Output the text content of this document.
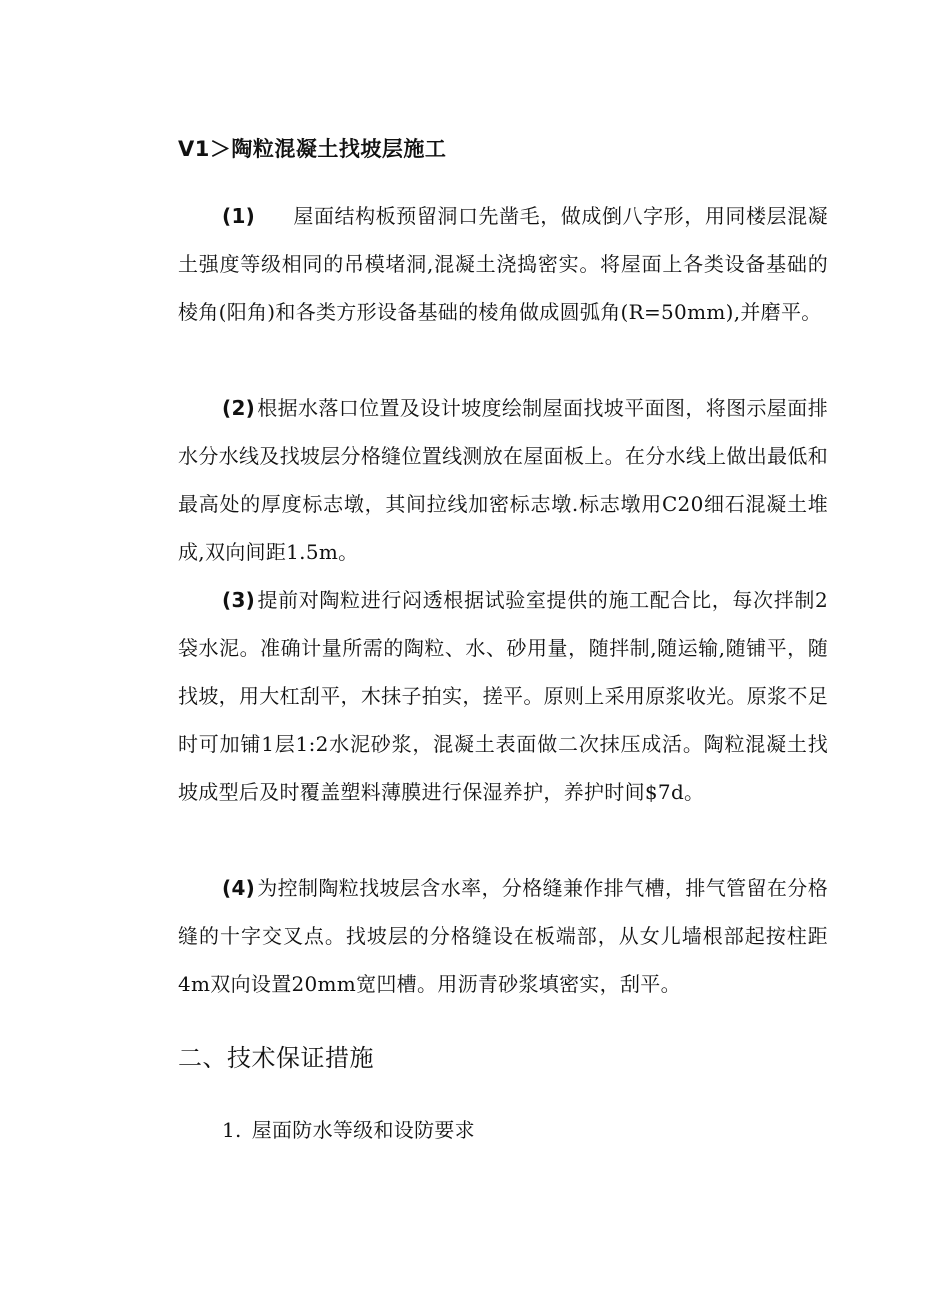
V1＞陶粒混凝土找坡层施工
(1) 屋面结构板预留洞口先凿毛，做成倒八字形，用同楼层混凝土强度等级相同的吊模堵洞,混凝土浇捣密实。将屋面上各类设备基础的棱角(阳角)和各类方形设备基础的棱角做成圆弧角(R=50mm),并磨平。
(2) 根据水落口位置及设计坡度绘制屋面找坡平面图，将图示屋面排水分水线及找坡层分格缝位置线测放在屋面板上。在分水线上做出最低和最高处的厚度标志墩，其间拉线加密标志墩.标志墩用C20细石混凝土堆成,双向间距1.5m。
(3) 提前对陶粒进行闷透根据试验室提供的施工配合比，每次拌制2袋水泥。准确计量所需的陶粒、水、砂用量，随拌制,随运输,随铺平，随找坡，用大杠刮平，木抹子拍实，搓平。原则上采用原浆收光。原浆不足时可加铺1层1:2水泥砂浆，混凝土表面做二次抹压成活。陶粒混凝土找坡成型后及时覆盖塑料薄膜进行保湿养护，养护时间$7d。
(4) 为控制陶粒找坡层含水率，分格缝兼作排气槽，排气管留在分格缝的十字交叉点。找坡层的分格缝设在板端部，从女儿墙根部起按柱距4m双向设置20mm宽凹槽。用沥青砂浆填密实，刮平。
二、技术保证措施
1. 屋面防水等级和设防要求
